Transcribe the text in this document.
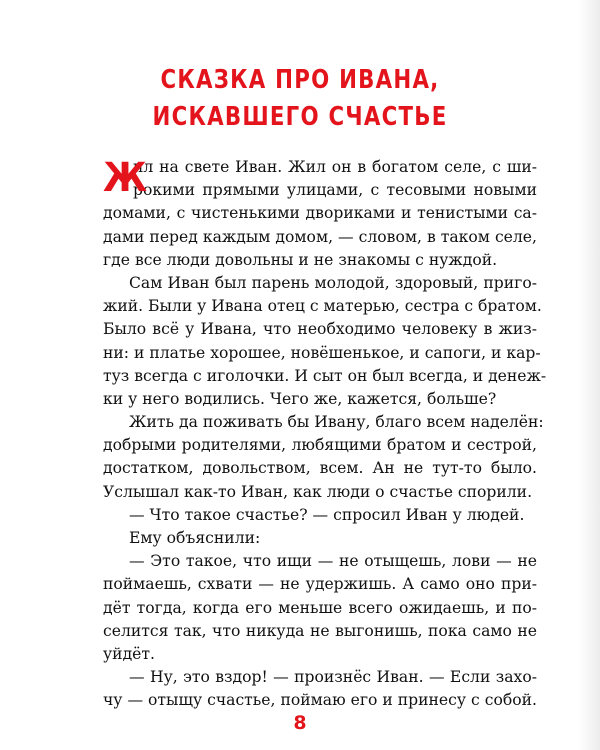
СКАЗКА ПРО ИВАНА,
ИСКАВШЕГО СЧАСТЬЕ
Ж
ил на свете Иван. Жил он в богатом селе, с ши-
рокими прямыми улицами, с тесовыми новыми
домами, с чистенькими двориками и тенистыми са-
дами перед каждым домом, — словом, в таком селе,
где все люди довольны и не знакомы с нуждой.
Сам Иван был парень молодой, здоровый, приго-
жий. Были у Ивана отец с матерью, сестра с братом.
Было всё у Ивана, что необходимо человеку в жиз-
ни: и платье хорошее, новёшенькое, и сапоги, и кар-
туз всегда с иголочки. И сыт он был всегда, и денеж-
ки у него водились. Чего же, кажется, больше?
Жить да поживать бы Ивану, благо всем наделён:
добрыми родителями, любящими братом и сестрой,
достатком, довольством, всем. Ан не тут-то было.
Услышал как-то Иван, как люди о счастье спорили.
— Что такое счастье? — спросил Иван у людей.
Ему объяснили:
— Это такое, что ищи — не отыщешь, лови — не
поймаешь, схвати — не удержишь. А само оно при-
дёт тогда, когда его меньше всего ожидаешь, и по-
селится так, что никуда не выгонишь, пока само не
уйдёт.
— Ну, это вздор! — произнёс Иван. — Если захо-
чу — отыщу счастье, поймаю его и принесу с собой.
8
